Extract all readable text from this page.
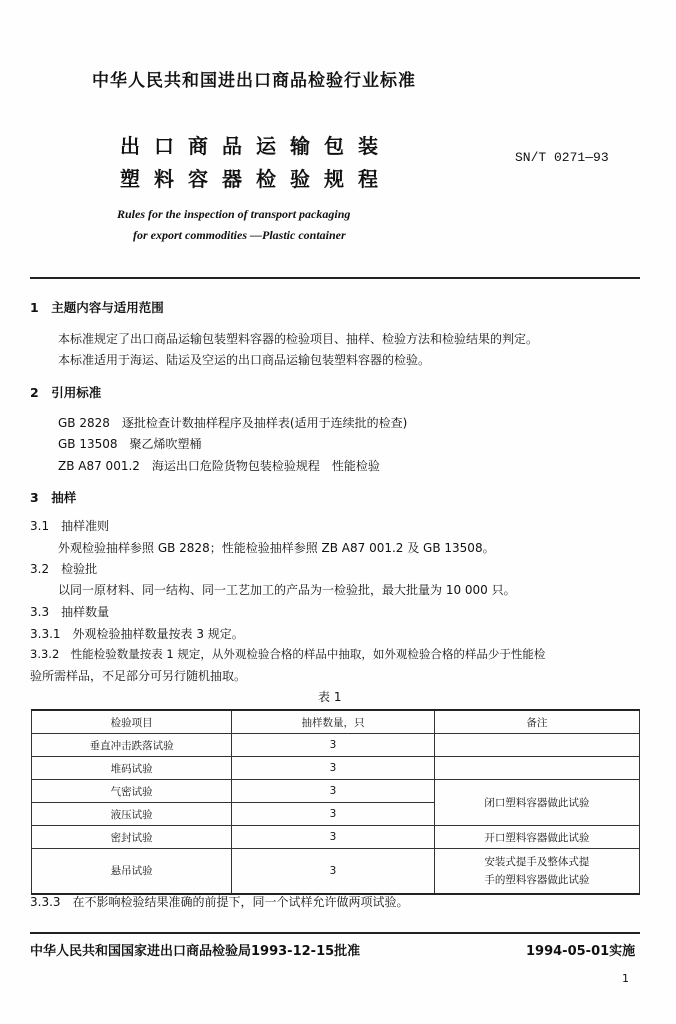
中华人民共和国进出口商品检验行业标准
出口商品运输包装
塑料容器检验规程
SN/T 0271—93
Rules for the inspection of transport packaging
for export commodities —Plastic container
1　主题内容与适用范围
本标准规定了出口商品运输包装塑料容器的检验项目、抽样、检验方法和检验结果的判定。
本标准适用于海运、陆运及空运的出口商品运输包装塑料容器的检验。
2　引用标准
GB 2828　逐批检查计数抽样程序及抽样表(适用于连续批的检查)
GB 13508　聚乙烯吹塑桶
ZB A87 001.2　海运出口危险货物包装检验规程　性能检验
3　抽样
3.1　抽样准则
外观检验抽样参照 GB 2828；性能检验抽样参照 ZB A87 001.2 及 GB 13508。
3.2　检验批
以同一原材料、同一结构、同一工艺加工的产品为一检验批，最大批量为 10 000 只。
3.3　抽样数量
3.3.1　外观检验抽样数量按表 3 规定。
3.3.2　性能检验数量按表 1 规定，从外观检验合格的样品中抽取，如外观检验合格的样品少于性能检
验所需样品，不足部分可另行随机抽取。
表 1
检验项目	抽样数量，只	备注
垂直冲击跌落试验	3	
堆码试验	3	
气密试验	3	闭口塑料容器做此试验
液压试验	3	
密封试验	3	开口塑料容器做此试验
悬吊试验	3	安装式提手及整体式提
手的塑料容器做此试验
3.3.3　在不影响检验结果准确的前提下，同一个试样允许做两项试验。
中华人民共和国国家进出口商品检验局1993-12-15批准	1994-05-01实施
1
